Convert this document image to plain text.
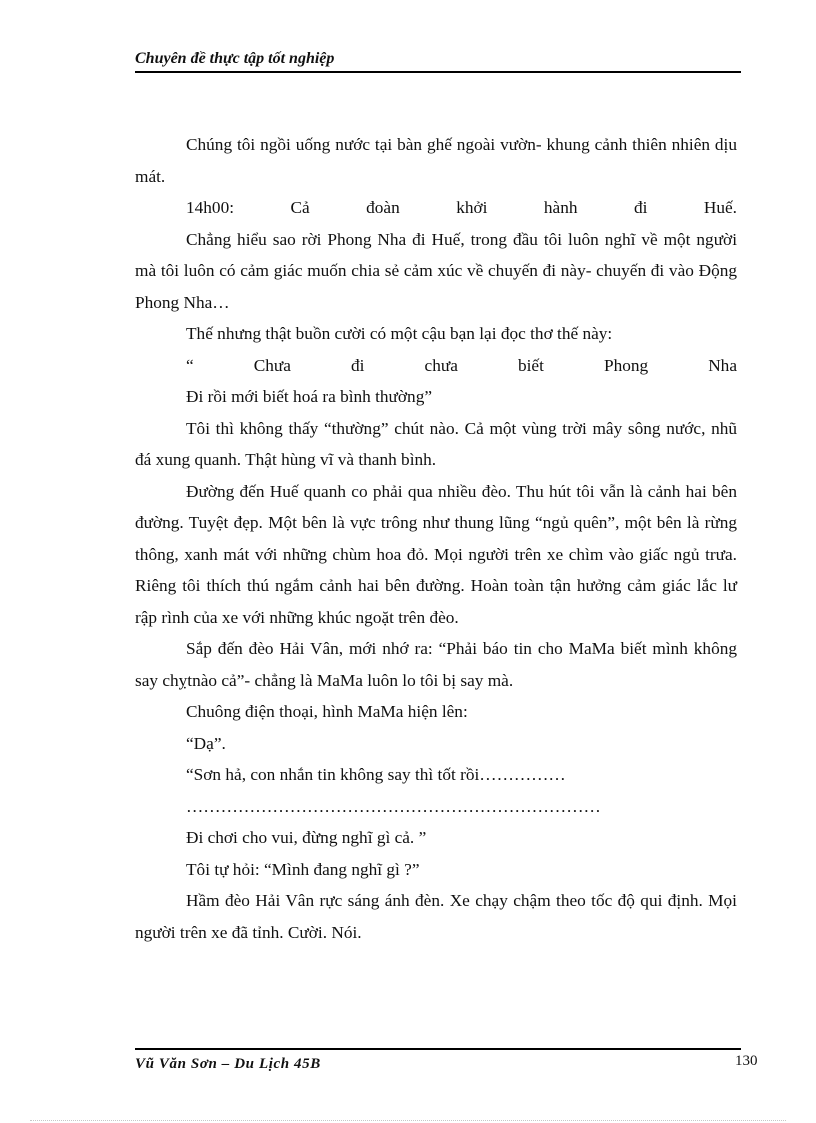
Chuyên đề thực tập tốt nghiệp

Chúng tôi ngồi uống nước tại bàn ghế ngoài vườn- khung cảnh thiên nhiên dịu mát.

14h00: Cả đoàn khởi hành đi Huế.

Chẳng hiểu sao rời Phong Nha đi Huế, trong đầu tôi luôn nghĩ về một người mà tôi luôn có cảm giác muốn chia sẻ cảm xúc về chuyến đi này- chuyến đi vào Động Phong Nha…

Thế nhưng thật buồn cười có một cậu bạn lại đọc thơ thế này:

“ Chưa đi chưa biết Phong Nha

Đi rồi mới biết hoá ra bình thường”

Tôi thì không thấy “thường” chút nào. Cả một vùng trời mây sông nước, nhũ đá xung quanh. Thật hùng vĩ và thanh bình.

Đường đến Huế quanh co phải qua nhiều đèo. Thu hút tôi vẫn là cảnh hai bên đường. Tuyệt đẹp. Một bên là vực trông như thung lũng “ngủ quên”, một bên là rừng thông, xanh mát với những chùm hoa đỏ. Mọi người trên xe chìm vào giấc ngủ trưa. Riêng tôi thích thú ngắm cảnh hai bên đường. Hoàn toàn tận hưởng cảm giác lắc lư rập rình của xe với những khúc ngoặt trên đèo.

Sắp đến đèo Hải Vân, mới nhớ ra: “Phải báo tin cho MaMa biết mình không say chỵtnào cả”- chẳng là MaMa luôn lo tôi bị say mà.

Chuông điện thoại, hình MaMa hiện lên:

“Dạ”.

“Sơn hả, con nhắn tin không say thì tốt rồi……………

………………………………………………………………

Đi chơi cho vui, đừng nghĩ gì cả. ”

Tôi tự hỏi: “Mình đang nghĩ gì ?”

Hầm đèo Hải Vân rực sáng ánh đèn. Xe chạy chậm theo tốc độ qui định. Mọi người trên xe đã tỉnh. Cười. Nói.

Vũ Văn Sơn – Du Lịch 45B	130
